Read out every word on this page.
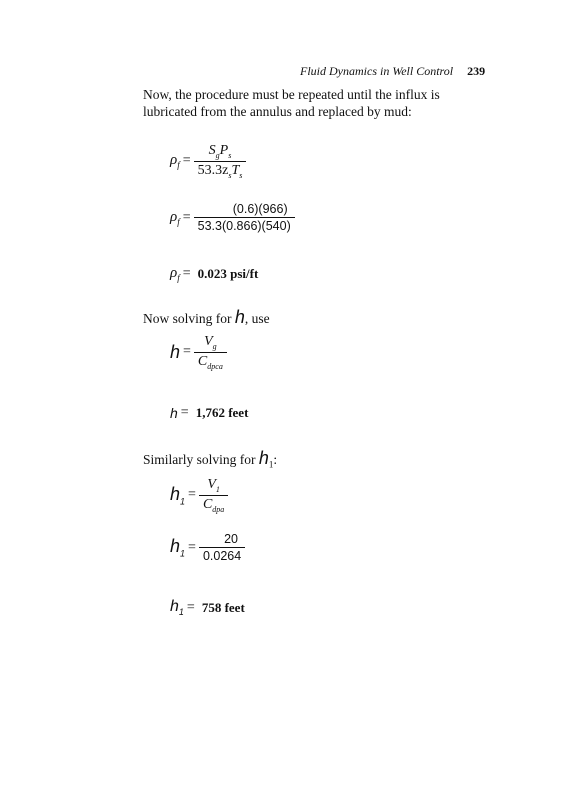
Fluid Dynamics in Well Control 239
Now, the procedure must be repeated until the influx is lubricated from the annulus and replaced by mud:
$\rho_f = \frac{S_gP_s}{53.3z_sT_s}$
$\rho_f = \frac{(0.6)(966)}{53.3(0.866)(540)}$
$\rho_f = 0.023$ psi/ft
Now solving for h, use
$h = \frac{V_g}{C_{dpca}}$
h = 1,762 feet
Similarly solving for $h_1$:
$h_1 = \frac{V_1}{C_{dpa}}$
$h_1 = \frac{20}{0.0264}$
$h_1 = 758$ feet
